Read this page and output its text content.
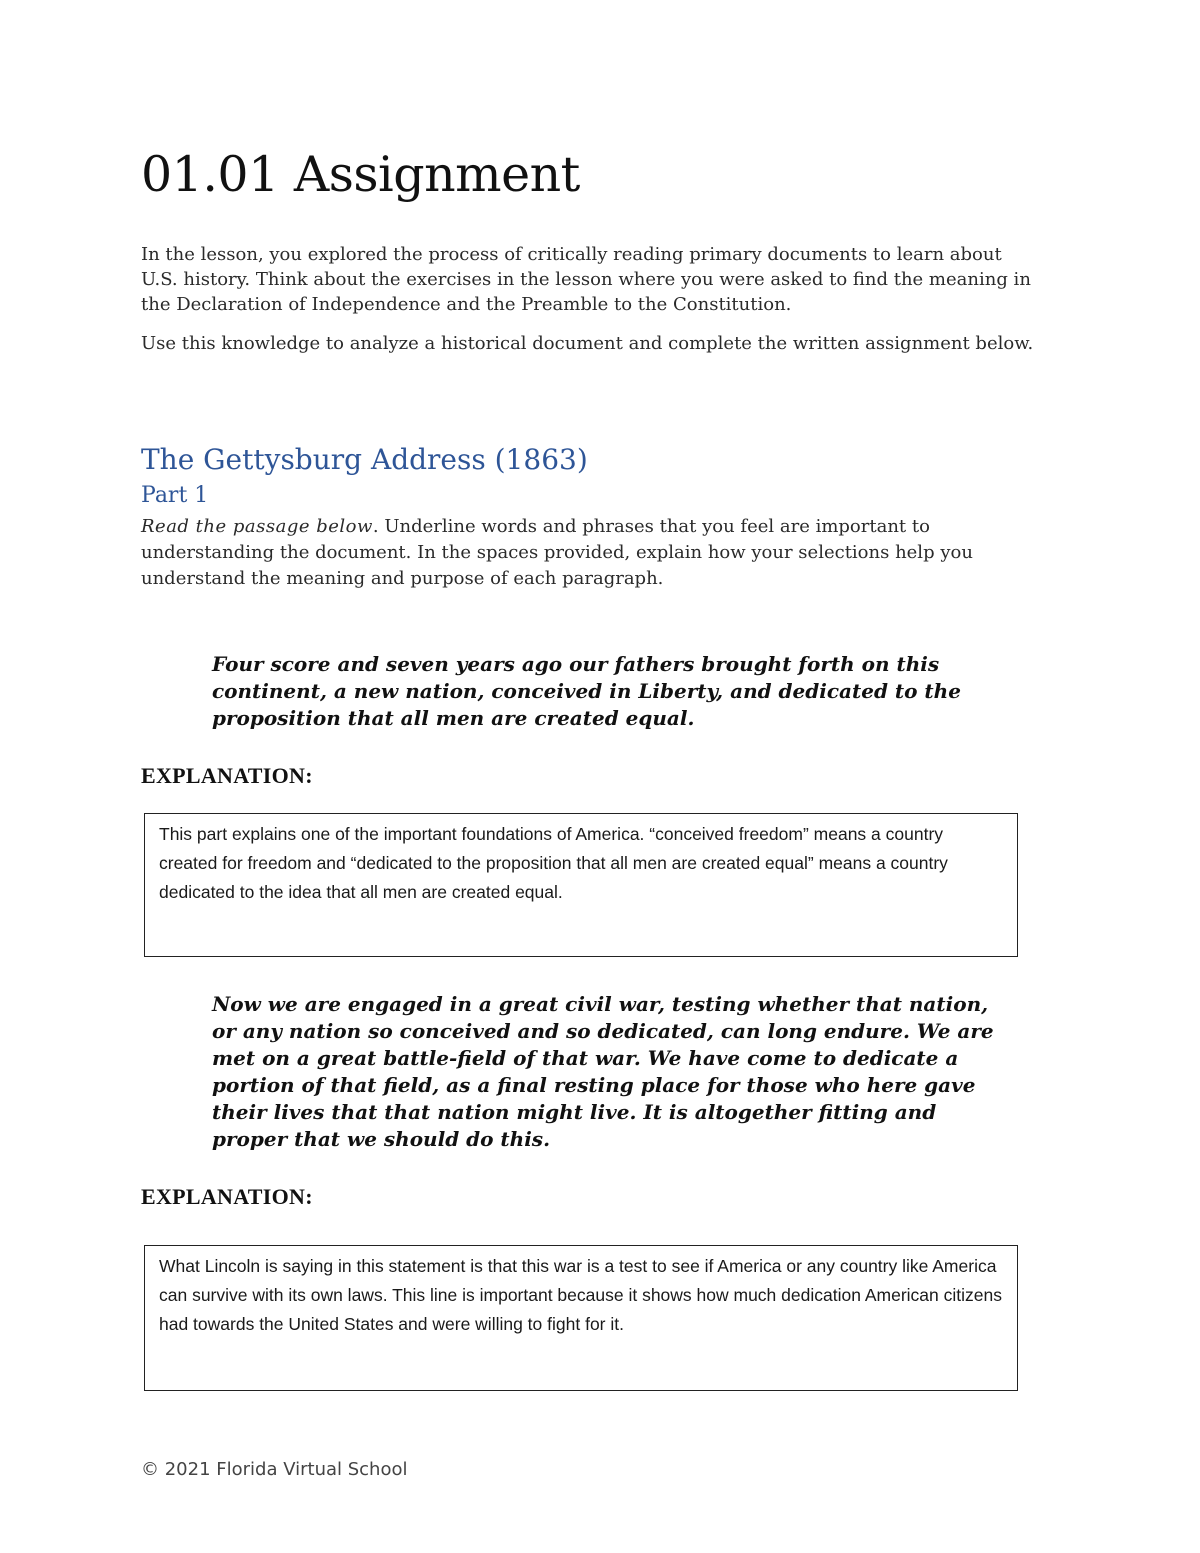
01.01 Assignment

In the lesson, you explored the process of critically reading primary documents to learn about U.S. history. Think about the exercises in the lesson where you were asked to find the meaning in the Declaration of Independence and the Preamble to the Constitution.

Use this knowledge to analyze a historical document and complete the written assignment below.

The Gettysburg Address (1863)
Part 1
Read the passage below. Underline words and phrases that you feel are important to understanding the document. In the spaces provided, explain how your selections help you understand the meaning and purpose of each paragraph.

Four score and seven years ago our fathers brought forth on this continent, a new nation, conceived in Liberty, and dedicated to the proposition that all men are created equal.

EXPLANATION:

This part explains one of the important foundations of America. “conceived freedom” means a country created for freedom and “dedicated to the proposition that all men are created equal” means a country dedicated to the idea that all men are created equal.

Now we are engaged in a great civil war, testing whether that nation, or any nation so conceived and so dedicated, can long endure. We are met on a great battle-field of that war. We have come to dedicate a portion of that field, as a final resting place for those who here gave their lives that that nation might live. It is altogether fitting and proper that we should do this.

EXPLANATION:

What Lincoln is saying in this statement is that this war is a test to see if America or any country like America can survive with its own laws. This line is important because it shows how much dedication American citizens had towards the United States and were willing to fight for it.
© 2021 Florida Virtual School
